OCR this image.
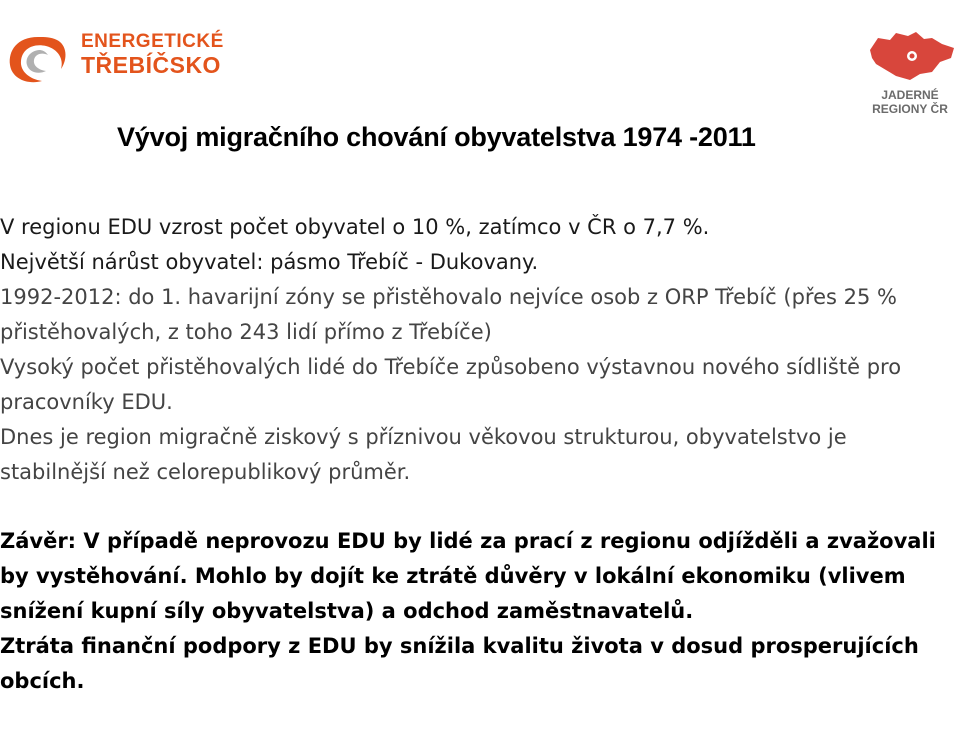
ENERGETICKÉ
TŘEBÍČSKO
JADERNÉ
REGIONY ČR
Vývoj migračního chování obyvatelstva 1974 -2011

V regionu EDU vzrost počet obyvatel o 10 %, zatímco v ČR o 7,7 %.

Největší nárůst obyvatel: pásmo Třebíč - Dukovany.

1992-2012: do 1. havarijní zóny se přistěhovalo nejvíce osob z ORP Třebíč (přes 25 % přistěhovalých, z toho 243 lidí přímo z Třebíče)

Vysoký počet přistěhovalých lidé do Třebíče způsobeno výstavnou nového sídliště pro pracovníky EDU.

Dnes je region migračně ziskový s příznivou věkovou strukturou, obyvatelstvo je stabilnější než celorepublikový průměr.

Závěr: V případě neprovozu EDU by lidé za prací z regionu odjížděli a zvažovali by vystěhování. Mohlo by dojít ke ztrátě důvěry v lokální ekonomiku (vlivem snížení kupní síly obyvatelstva) a odchod zaměstnavatelů.

Ztráta finanční podpory z EDU by snížila kvalitu života v dosud prosperujících obcích.
